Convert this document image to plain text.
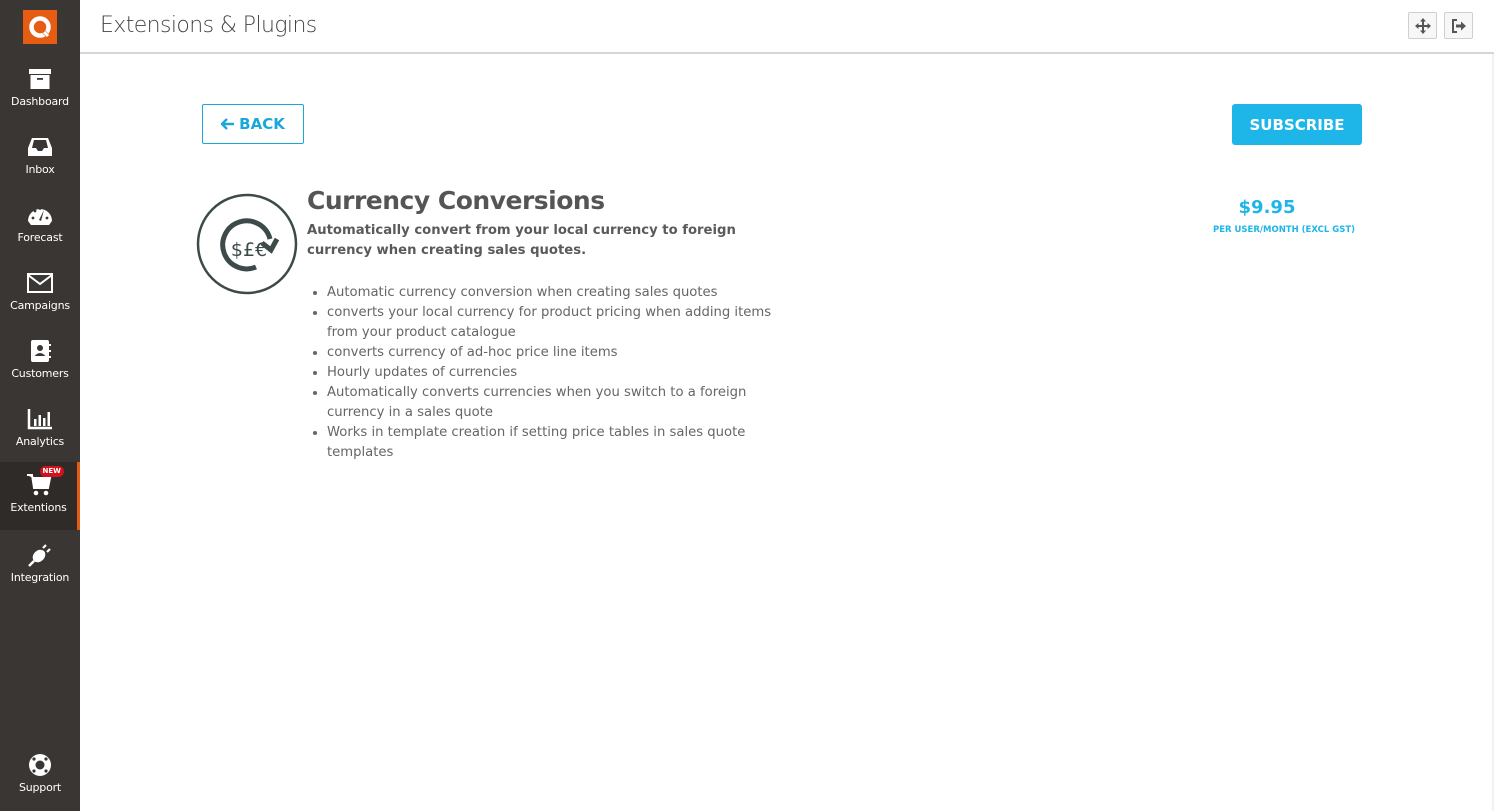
Dashboard
Inbox
Forecast
Campaigns
Customers
Analytics
NEW
Extentions
Integration
Support
Extensions & Plugins
BACK	SUBSCRIBE
$£€
Currency Conversions
Automatically convert from your local currency to foreign currency when creating sales quotes.
Automatic currency conversion when creating sales quotes
converts your local currency for product pricing when adding items from your product catalogue
converts currency of ad-hoc price line items
Hourly updates of currencies
Automatically converts currencies when you switch to a foreign currency in a sales quote
Works in template creation if setting price tables in sales quote templates
$9.95
PER USER/MONTH (EXCL GST)
